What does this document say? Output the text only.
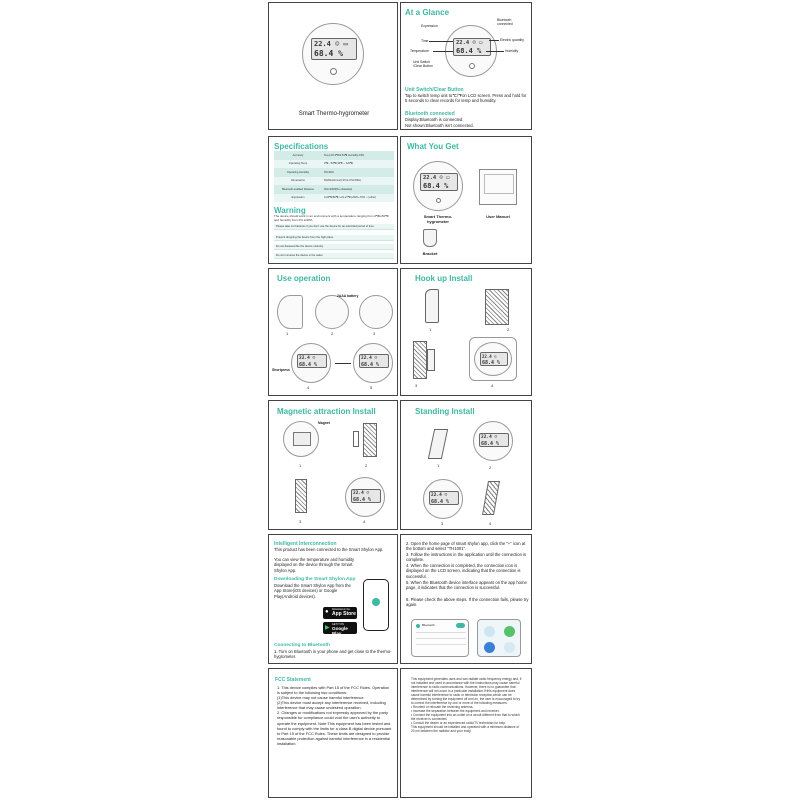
22.4 ☺ ▭
68.4 %
Smart Thermo-hygrometer
At a Glance
22.4 ☺ ▭
68.4 %
Expression
Bluetooth connected
Time	Electric quantity
Temperature	Humidity
Unit Switch /Clear Button
Unit Switch/Clear Button
Tap to switch temp unit to℃/℉on LCD screen. Press and hold for 5 seconds to clear records for temp and humidity.
Bluetooth connected
Display:Bluetooth is connected.
Not shown:Bluetooth isn't connected.
Specifications
Accuracy	Temp:±0.3℃/0.54℉ Humidity:±3%
Operating Temp	0℃ - 50℃(32℉ ~ 122℉)
Operating Humidity	0%-99%
Dimensions	60x60x21mm(2.37x2.37x0.83in)
Bluetooth-enabled Distance	30m/100ft(No obstacles)
Expression	0-20℃/68℉<+21-27℃(+50%~70% ☺)other)
Warning
The device should work in an environment with a temperature ranging from 0℃to50℃ and humidity from 0% to99%.
Please take out batteries if you don't use the device for an extended period of time.
Prevent dropping the device from the high place.
Do not disassemble the device violently.
Do not immerse the device in the water.
What You Get
22.4 ☺ ▭
68.4 %
Smart Thermo-hygrometer
User Manuel
Bracket
Use operation
1
2AAA battery
2	3
22.4 ☺
68.4 %
Shortpress
4
22.4 ☺
68.4 %
5
Hook up Install
1	2
3
22.4 ☺
68.4 %
4
Magnetic attraction Install
Magnet
1	2
3
22.4 ☺
68.4 %
4
Standing Install
1
22.4 ☺
68.4 %
2
22.4 ☺
68.4 %
3	4
Intelligent Interconnection
This product has been connected to the Smart Shylon App.
You can view the temperature and humidity displayed on the device through the Smart Shylon App.
Downloading the Smart Shylon App
Download the Smart Shylon App from the App Store(iOS devices) or Google Play(Android devices).
● Download on the
App Store
▶
GET IT ON
Google Play
Connecting to Bluetooth
1. Turn on Bluetooth in your phone and get close to the thermo-hygrometer.
2. Open the home page of smart shylon app, click the "+" icon at the bottom and select "TH1001".
3. Follow the instructions in the application until the connection is complete.
4. When the connection is completed, the connection icon is displayed on the LCD screen, indicating that the connection is successful.
5. When the Bluetooth device interface appears on the app home page, it indicates that the connection is successful.
6. Please check the above steps. If the connection fails, please try again.
Bluetooth
FCC Statement
1. This device complies with Part 15 of the FCC Rules. Operation is subject to the following two conditions:
(1)This device may not cause harmful interference.
(2)This device must accept any interference received, including interference that may cause undesired operation.
2. Changes or modifications not expressly approved by the party responsible for compliance could void the user's authority to operate the equipment. Note:This equipment has been tested and found to comply with the limits for a class B digital device,pursuant to Part 15 of the FCC Rules. These limits are designed to provide reasonable protection against harmful interference in a residential installation.
This equipment generates uses and can radiate radio frequency energy and, if not installed and used in accordance with the instructions,may cause harmful interference to radio communications. However, there is no guarantee that interference will not occur in a particular installation.If this equipment does cause harmful interference to radio or television reception,which can be determined by turning the equipment off and on, the user is encouraged to try to correct the interference by one or more of the following measures:
• Reorient or relocate the receiving antenna.
• Increase the separation between the equipment and receiver.
• Connect the equipment into an outlet on a circuit different from that to which the receiver is connected.
• Consult the dealer or an experienced radio/TV technician for help.
This equipment should be installed and operated with a minimum distance of 20 cm between the radiator and your body.
